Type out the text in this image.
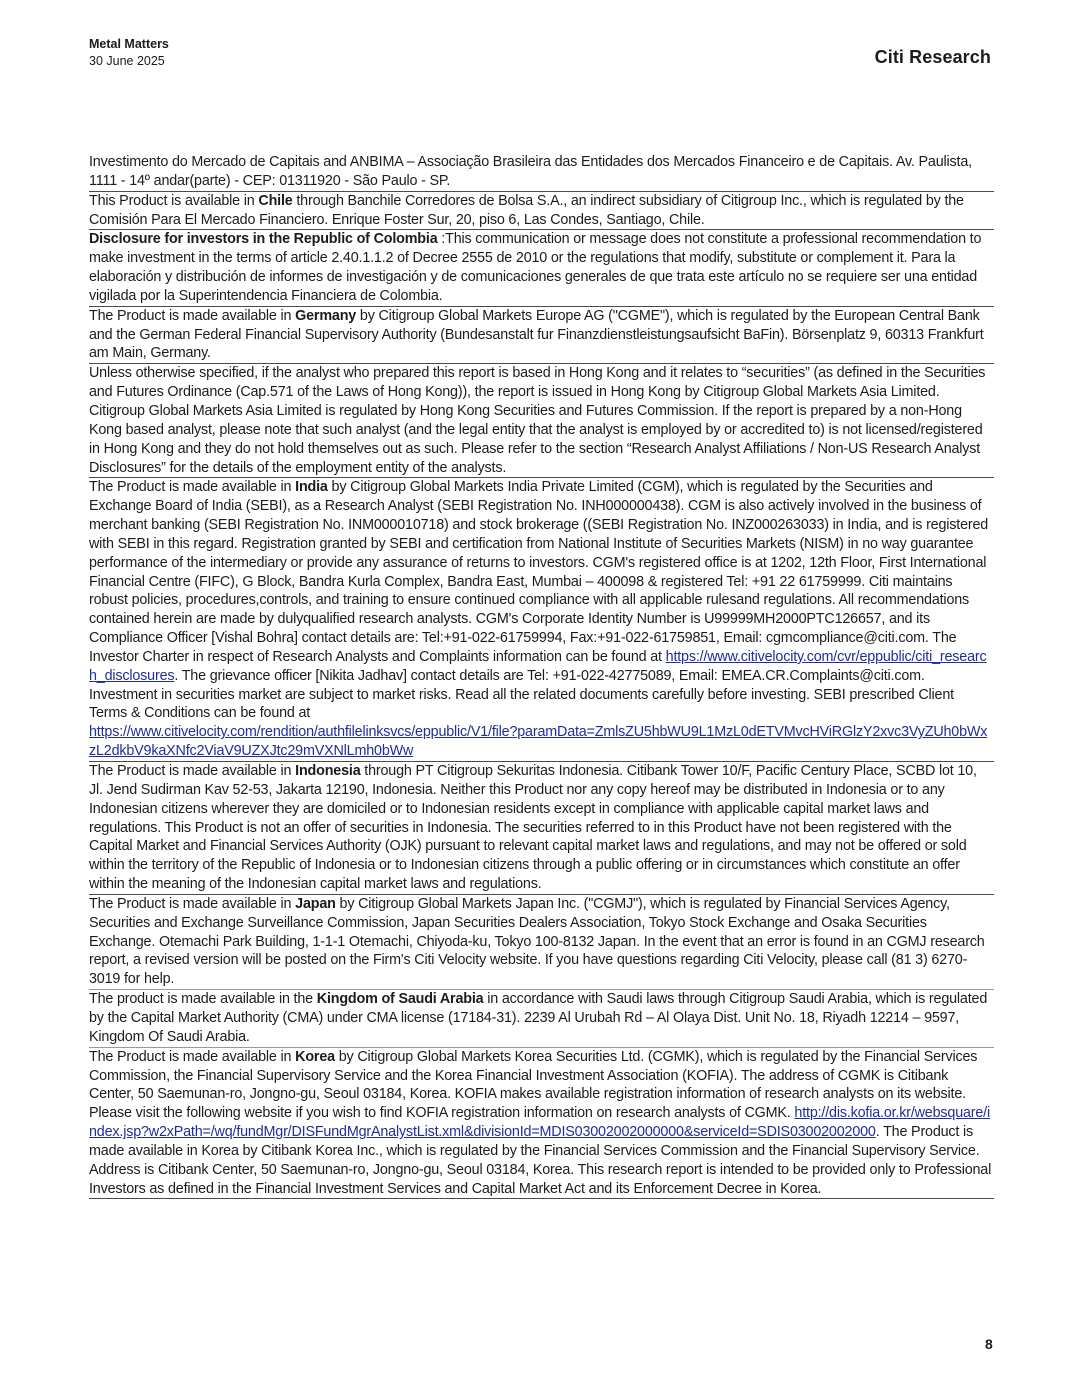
Metal Matters
30 June 2025	Citi Research
Investimento do Mercado de Capitais and ANBIMA – Associação Brasileira das Entidades dos Mercados Financeiro e de Capitais. Av. Paulista, 1111 - 14º andar(parte) - CEP: 01311920 - São Paulo - SP.
This Product is available in Chile through Banchile Corredores de Bolsa S.A., an indirect subsidiary of Citigroup Inc., which is regulated by the Comisión Para El Mercado Financiero. Enrique Foster Sur, 20, piso 6, Las Condes, Santiago, Chile.
Disclosure for investors in the Republic of Colombia :This communication or message does not constitute a professional recommendation to make investment in the terms of article 2.40.1.1.2 of Decree 2555 de 2010 or the regulations that modify, substitute or complement it. Para la elaboración y distribución de informes de investigación y de comunicaciones generales de que trata este artículo no se requiere ser una entidad vigilada por la Superintendencia Financiera de Colombia.
The Product is made available in Germany by Citigroup Global Markets Europe AG ("CGME"), which is regulated by the European Central Bank and the German Federal Financial Supervisory Authority (Bundesanstalt fur Finanzdienstleistungsaufsicht BaFin). Börsenplatz 9, 60313 Frankfurt am Main, Germany.
Unless otherwise specified, if the analyst who prepared this report is based in Hong Kong and it relates to “securities” (as defined in the Securities and Futures Ordinance (Cap.571 of the Laws of Hong Kong)), the report is issued in Hong Kong by Citigroup Global Markets Asia Limited. Citigroup Global Markets Asia Limited is regulated by Hong Kong Securities and Futures Commission. If the report is prepared by a non-Hong Kong based analyst, please note that such analyst (and the legal entity that the analyst is employed by or accredited to) is not licensed/registered in Hong Kong and they do not hold themselves out as such. Please refer to the section “Research Analyst Affiliations / Non-US Research Analyst Disclosures” for the details of the employment entity of the analysts.
The Product is made available in India by Citigroup Global Markets India Private Limited (CGM), which is regulated by the Securities and Exchange Board of India (SEBI), as a Research Analyst (SEBI Registration No. INH000000438). CGM is also actively involved in the business of merchant banking (SEBI Registration No. INM000010718) and stock brokerage ((SEBI Registration No. INZ000263033) in India, and is registered with SEBI in this regard. Registration granted by SEBI and certification from National Institute of Securities Markets (NISM) in no way guarantee performance of the intermediary or provide any assurance of returns to investors. CGM's registered office is at 1202, 12th Floor, First International Financial Centre (FIFC), G Block, Bandra Kurla Complex, Bandra East, Mumbai – 400098 & registered Tel: +91 22 61759999. Citi maintains robust policies, procedures,controls, and training to ensure continued compliance with all applicable rulesand regulations. All recommendations contained herein are made by dulyqualified research analysts. CGM's Corporate Identity Number is U99999MH2000PTC126657, and its Compliance Officer [Vishal Bohra] contact details are: Tel:+91-022-61759994, Fax:+91-022-61759851, Email: cgmcompliance@citi.com. The Investor Charter in respect of Research Analysts and Complaints information can be found at https://www.citivelocity.com/cvr/eppublic/citi_research_disclosures. The grievance officer [Nikita Jadhav] contact details are Tel: +91-022-42775089, Email: EMEA.CR.Complaints@citi.com. Investment in securities market are subject to market risks. Read all the related documents carefully before investing. SEBI prescribed Client Terms & Conditions can be found at
https://www.citivelocity.com/rendition/authfilelinksvcs/eppublic/V1/file?paramData=ZmlsZU5hbWU9L1MzL0dETVMvcHViRGlzY2xvc3VyZUh0bWxzL2dkbV9kaXNfc2ViaV9UZXJtc29mVXNlLmh0bWw
The Product is made available in Indonesia through PT Citigroup Sekuritas Indonesia. Citibank Tower 10/F, Pacific Century Place, SCBD lot 10, Jl. Jend Sudirman Kav 52-53, Jakarta 12190, Indonesia. Neither this Product nor any copy hereof may be distributed in Indonesia or to any Indonesian citizens wherever they are domiciled or to Indonesian residents except in compliance with applicable capital market laws and regulations. This Product is not an offer of securities in Indonesia. The securities referred to in this Product have not been registered with the Capital Market and Financial Services Authority (OJK) pursuant to relevant capital market laws and regulations, and may not be offered or sold within the territory of the Republic of Indonesia or to Indonesian citizens through a public offering or in circumstances which constitute an offer within the meaning of the Indonesian capital market laws and regulations.
The Product is made available in Japan by Citigroup Global Markets Japan Inc. ("CGMJ"), which is regulated by Financial Services Agency, Securities and Exchange Surveillance Commission, Japan Securities Dealers Association, Tokyo Stock Exchange and Osaka Securities Exchange. Otemachi Park Building, 1-1-1 Otemachi, Chiyoda-ku, Tokyo 100-8132 Japan. In the event that an error is found in an CGMJ research report, a revised version will be posted on the Firm's Citi Velocity website. If you have questions regarding Citi Velocity, please call (81 3) 6270-3019 for help.
The product is made available in the Kingdom of Saudi Arabia in accordance with Saudi laws through Citigroup Saudi Arabia, which is regulated by the Capital Market Authority (CMA) under CMA license (17184-31). 2239 Al Urubah Rd – Al Olaya Dist. Unit No. 18, Riyadh 12214 – 9597, Kingdom Of Saudi Arabia.
The Product is made available in Korea by Citigroup Global Markets Korea Securities Ltd. (CGMK), which is regulated by the Financial Services Commission, the Financial Supervisory Service and the Korea Financial Investment Association (KOFIA). The address of CGMK is Citibank Center, 50 Saemunan-ro, Jongno-gu, Seoul 03184, Korea. KOFIA makes available registration information of research analysts on its website. Please visit the following website if you wish to find KOFIA registration information on research analysts of CGMK. http://dis.kofia.or.kr/websquare/index.jsp?w2xPath=/wq/fundMgr/DISFundMgrAnalystList.xml&divisionId=MDIS03002002000000&serviceId=SDIS03002002000. The Product is made available in Korea by Citibank Korea Inc., which is regulated by the Financial Services Commission and the Financial Supervisory Service. Address is Citibank Center, 50 Saemunan-ro, Jongno-gu, Seoul 03184, Korea. This research report is intended to be provided only to Professional Investors as defined in the Financial Investment Services and Capital Market Act and its Enforcement Decree in Korea.
8
